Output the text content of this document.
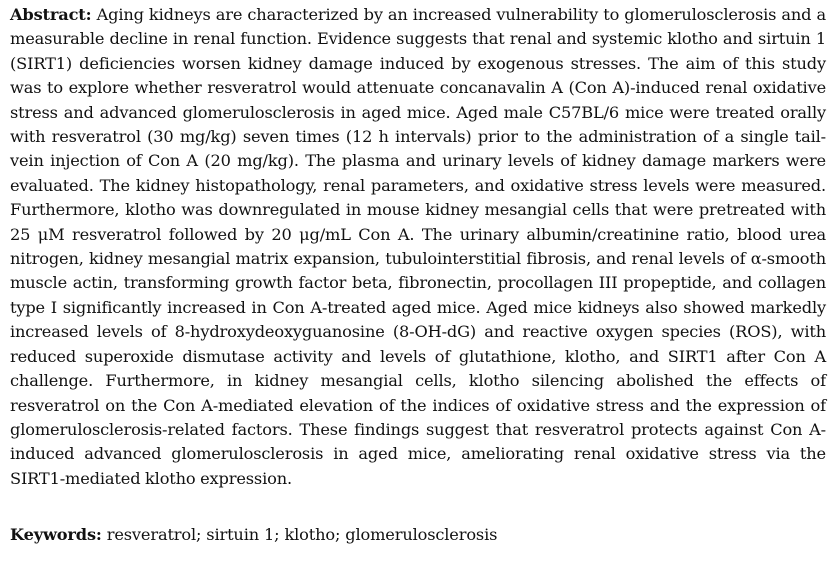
Abstract: Aging kidneys are characterized by an increased vulnerability to glomerulosclerosis and a measurable decline in renal function. Evidence suggests that renal and systemic klotho and sirtuin 1 (SIRT1) deficiencies worsen kidney damage induced by exogenous stresses. The aim of this study was to explore whether resveratrol would attenuate concanavalin A (Con A)-induced renal oxidative stress and advanced glomerulosclerosis in aged mice. Aged male C57BL/6 mice were treated orally with resveratrol (30 mg/kg) seven times (12 h intervals) prior to the administration of a single tail-vein injection of Con A (20 mg/kg). The plasma and urinary levels of kidney damage markers were evaluated. The kidney histopathology, renal parameters, and oxidative stress levels were measured. Furthermore, klotho was downregulated in mouse kidney mesangial cells that were pretreated with 25 μM resveratrol followed by 20 μg/mL Con A. The urinary albumin/creatinine ratio, blood urea nitrogen, kidney mesangial matrix expansion, tubulointerstitial fibrosis, and renal levels of α-smooth muscle actin, transforming growth factor beta, fibronectin, procollagen III propeptide, and collagen type I significantly increased in Con A-treated aged mice. Aged mice kidneys also showed markedly increased levels of 8-hydroxydeoxyguanosine (8-OH-dG) and reactive oxygen species (ROS), with reduced superoxide dismutase activity and levels of glutathione, klotho, and SIRT1 after Con A challenge. Furthermore, in kidney mesangial cells, klotho silencing abolished the effects of resveratrol on the Con A-mediated elevation of the indices of oxidative stress and the expression of glomerulosclerosis-related factors. These findings suggest that resveratrol protects against Con A-induced advanced glomerulosclerosis in aged mice, ameliorating renal oxidative stress via the SIRT1-mediated klotho expression.

Keywords: resveratrol; sirtuin 1; klotho; glomerulosclerosis
